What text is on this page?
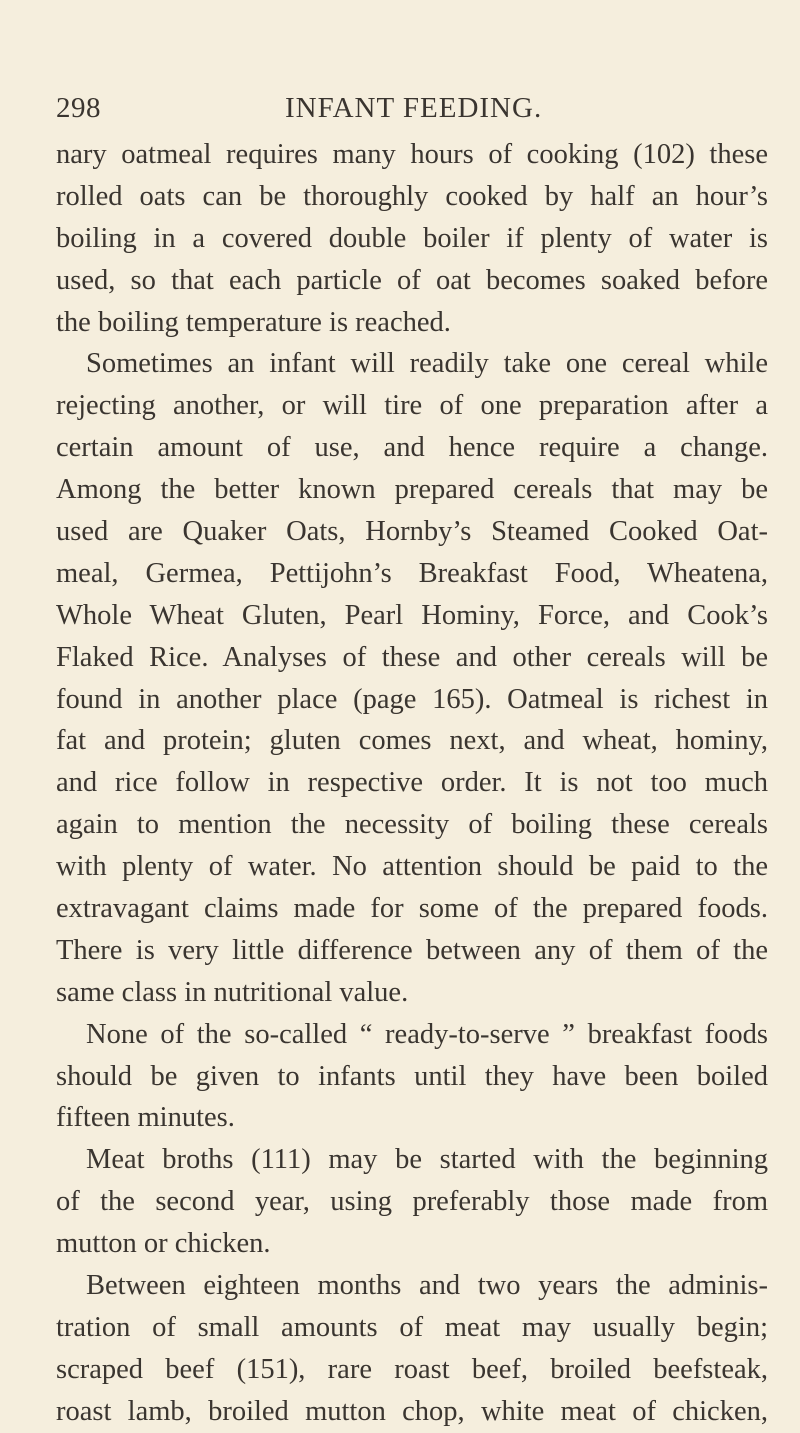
298	INFANT FEEDING.
nary oatmeal requires many hours of cooking (102) these
rolled oats can be thoroughly cooked by half an hour’s
boiling in a covered double boiler if plenty of water is
used, so that each particle of oat becomes soaked before
the boiling temperature is reached.
Sometimes an infant will readily take one cereal while
rejecting another, or will tire of one preparation after a
certain amount of use, and hence require a change.
Among the better known prepared cereals that may be
used are Quaker Oats, Hornby’s Steamed Cooked Oat-
meal, Germea, Pettijohn’s Breakfast Food, Wheatena,
Whole Wheat Gluten, Pearl Hominy, Force, and Cook’s
Flaked Rice. Analyses of these and other cereals will be
found in another place (page 165). Oatmeal is richest in
fat and protein; gluten comes next, and wheat, hominy,
and rice follow in respective order. It is not too much
again to mention the necessity of boiling these cereals
with plenty of water. No attention should be paid to the
extravagant claims made for some of the prepared foods.
There is very little difference between any of them of the
same class in nutritional value.
None of the so-called “ ready-to-serve ” breakfast foods
should be given to infants until they have been boiled
fifteen minutes.
Meat broths (111) may be started with the beginning
of the second year, using preferably those made from
mutton or chicken.
Between eighteen months and two years the adminis-
tration of small amounts of meat may usually begin;
scraped beef (151), rare roast beef, broiled beefsteak,
roast lamb, broiled mutton chop, white meat of chicken,
